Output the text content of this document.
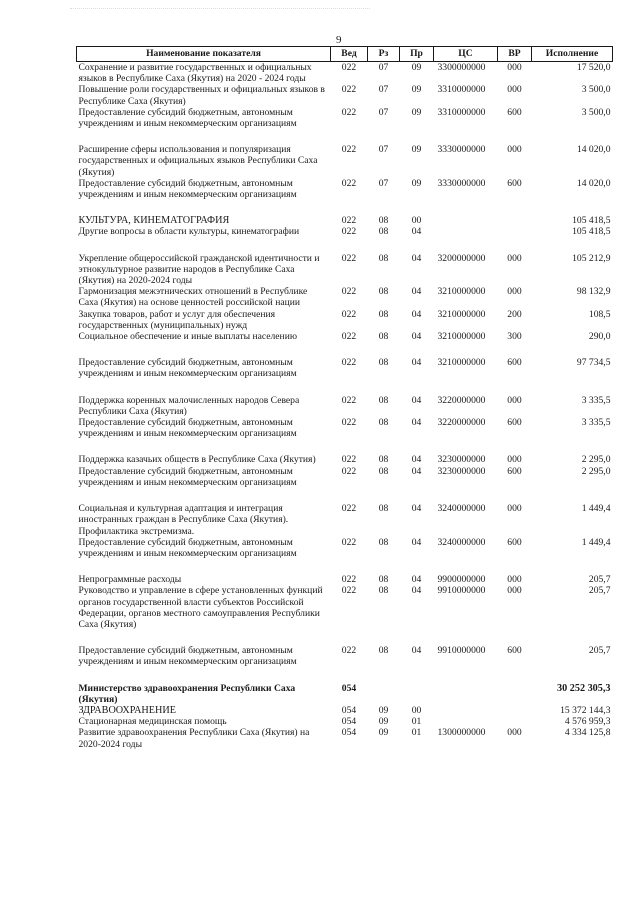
9
Наименование показателя	Вед	Рз	Пр	ЦС	ВР	Исполнение
Сохранение и развитие государственных и официальных языков в Республике Саха (Якутия) на 2020 - 2024 годы	022	07	09	3300000000	000	17 520,0
Повышение роли государственных и официальных языков в Республике Саха (Якутия)	022	07	09	3310000000	000	3 500,0
Предоставление субсидий бюджетным, автономным учреждениям и иным некоммерческим организациям	022	07	09	3310000000	600	3 500,0

Расширение сферы использования и популяризация государственных и официальных языков Республики Саха (Якутия)	022	07	09	3330000000	000	14 020,0
Предоставление субсидий бюджетным, автономным учреждениям и иным некоммерческим организациям	022	07	09	3330000000	600	14 020,0

КУЛЬТУРА, КИНЕМАТОГРАФИЯ	022	08	00			105 418,5
Другие вопросы в области культуры, кинематографии	022	08	04			105 418,5

Укрепление общероссийской гражданской идентичности и этнокультурное развитие народов в Республике Саха (Якутия) на 2020-2024 годы	022	08	04	3200000000	000	105 212,9
Гармонизация межэтнических отношений в Республике Саха (Якутия) на основе ценностей российской нации	022	08	04	3210000000	000	98 132,9
Закупка товаров, работ и услуг для обеспечения государственных (муниципальных) нужд	022	08	04	3210000000	200	108,5
Социальное обеспечение и иные выплаты населению	022	08	04	3210000000	300	290,0

Предоставление субсидий бюджетным, автономным учреждениям и иным некоммерческим организациям	022	08	04	3210000000	600	97 734,5

Поддержка коренных малочисленных народов Севера Республики Саха (Якутия)	022	08	04	3220000000	000	3 335,5
Предоставление субсидий бюджетным, автономным учреждениям и иным некоммерческим организациям	022	08	04	3220000000	600	3 335,5

Поддержка казачьих обществ в Республике Саха (Якутия)	022	08	04	3230000000	000	2 295,0
Предоставление субсидий бюджетным, автономным учреждениям и иным некоммерческим организациям	022	08	04	3230000000	600	2 295,0

Социальная и культурная адаптация и интеграция иностранных граждан в Республике Саха (Якутия). Профилактика экстремизма.	022	08	04	3240000000	000	1 449,4
Предоставление субсидий бюджетным, автономным учреждениям и иным некоммерческим организациям	022	08	04	3240000000	600	1 449,4

Непрограммные расходы	022	08	04	9900000000	000	205,7
Руководство и управление в сфере установленных функций органов государственной власти субъектов Российской Федерации, органов местного самоуправления Республики Саха (Якутия)	022	08	04	9910000000	000	205,7

Предоставление субсидий бюджетным, автономным учреждениям и иным некоммерческим организациям	022	08	04	9910000000	600	205,7

Министерство здравоохранения Республики Саха (Якутия)	054					30 252 305,3
ЗДРАВООХРАНЕНИЕ	054	09	00			15 372 144,3
Стационарная медицинская помощь	054	09	01			4 576 959,3
Развитие здравоохранения Республики Саха (Якутия) на 2020-2024 годы	054	09	01	1300000000	000	4 334 125,8
